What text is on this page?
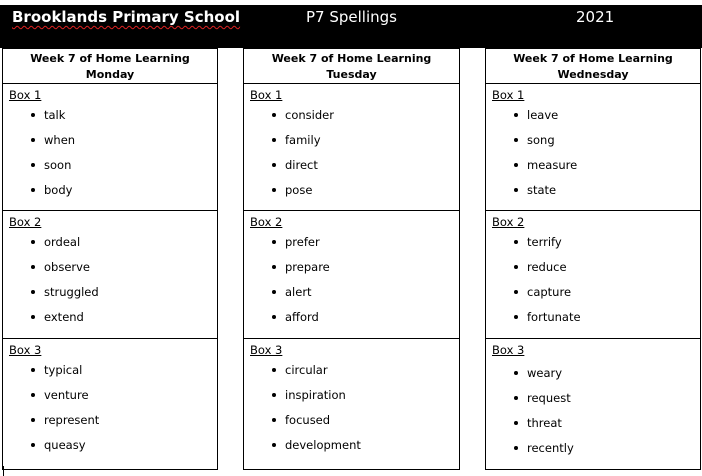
Brooklands Primary School	P7 Spellings	2021
Week 7 of Home Learning
Monday
Box 1
talk
when
soon
body
Box 2
ordeal
observe
struggled
extend
Box 3
typical
venture
represent
queasy
Week 7 of Home Learning
Tuesday
Box 1
consider
family
direct
pose
Box 2
prefer
prepare
alert
afford
Box 3
circular
inspiration
focused
development
Week 7 of Home Learning
Wednesday
Box 1
leave
song
measure
state
Box 2
terrify
reduce
capture
fortunate
Box 3
weary
request
threat
recently
